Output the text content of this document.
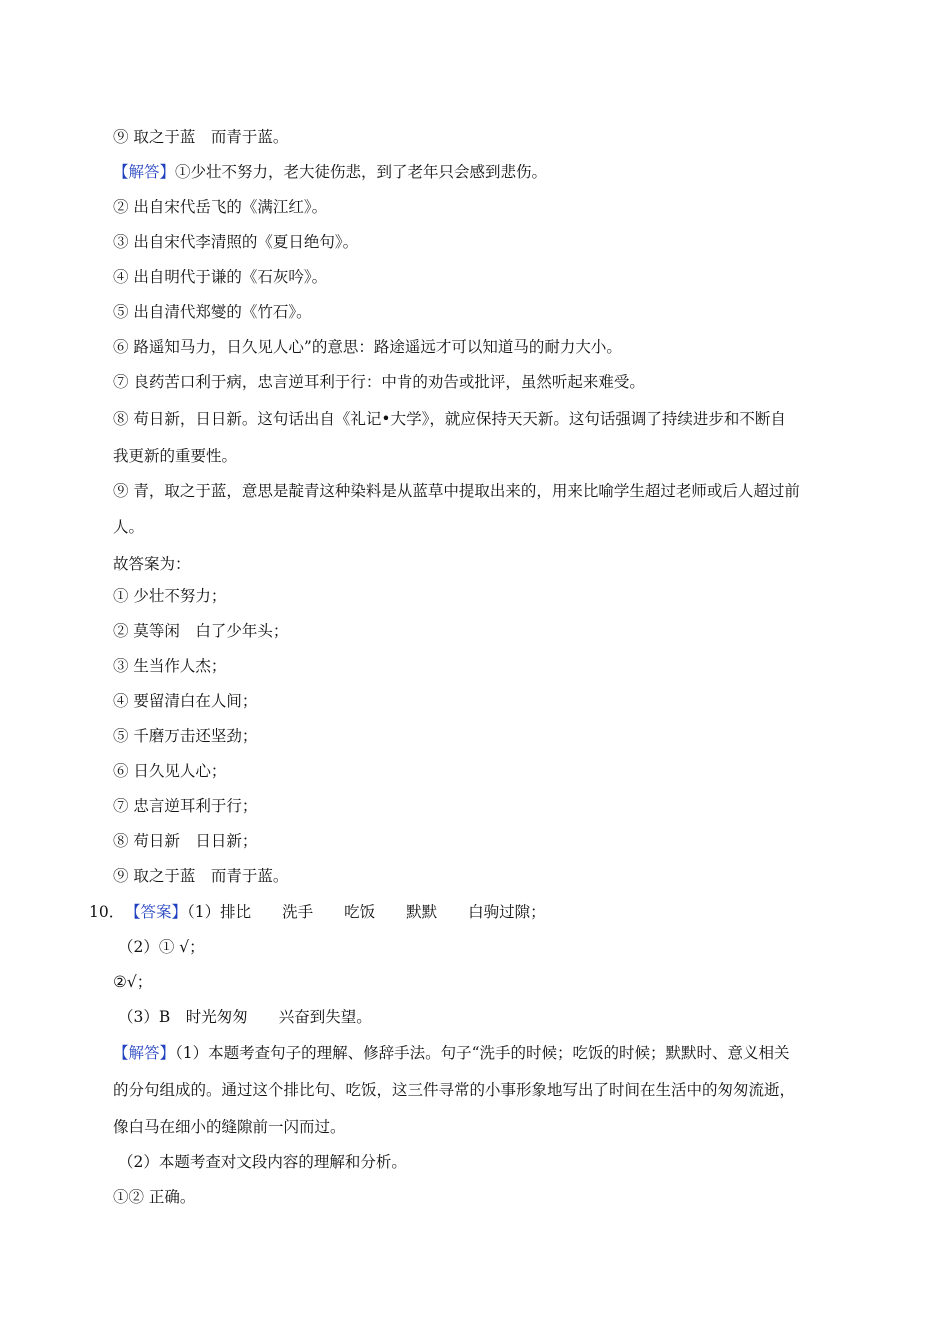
⑨ 取之于蓝　而青于蓝。
【解答】①少壮不努力，老大徒伤悲，到了老年只会感到悲伤。
② 出自宋代岳飞的《满江红》。
③ 出自宋代李清照的《夏日绝句》。
④ 出自明代于谦的《石灰吟》。
⑤ 出自清代郑燮的《竹石》。
⑥ 路遥知马力，日久见人心”的意思：路途遥远才可以知道马的耐力大小。
⑦ 良药苦口利于病，忠言逆耳利于行：中肯的劝告或批评，虽然听起来难受。
⑧ 苟日新，日日新。这句话出自《礼记•大学》，就应保持天天新。这句话强调了持续进步和不断自
我更新的重要性。
⑨ 青，取之于蓝，意思是靛青这种染料是从蓝草中提取出来的，用来比喻学生超过老师或后人超过前
人。
故答案为：
① 少壮不努力；
② 莫等闲　白了少年头；
③ 生当作人杰；
④ 要留清白在人间；
⑤ 千磨万击还坚劲；
⑥ 日久见人心；
⑦ 忠言逆耳利于行；
⑧ 苟日新　日日新；
⑨ 取之于蓝　而青于蓝。
10． 【答案】（1）排比　　洗手　　吃饭　　默默　　白驹过隙；
（2）① √；
②√；
（3）B　时光匆匆　　兴奋到失望。
【解答】（1）本题考查句子的理解、修辞手法。句子“洗手的时候；吃饭的时候；默默时、意义相关
的分句组成的。通过这个排比句、吃饭，这三件寻常的小事形象地写出了时间在生活中的匆匆流逝，
像白马在细小的缝隙前一闪而过。
（2）本题考查对文段内容的理解和分析。
①② 正确。
